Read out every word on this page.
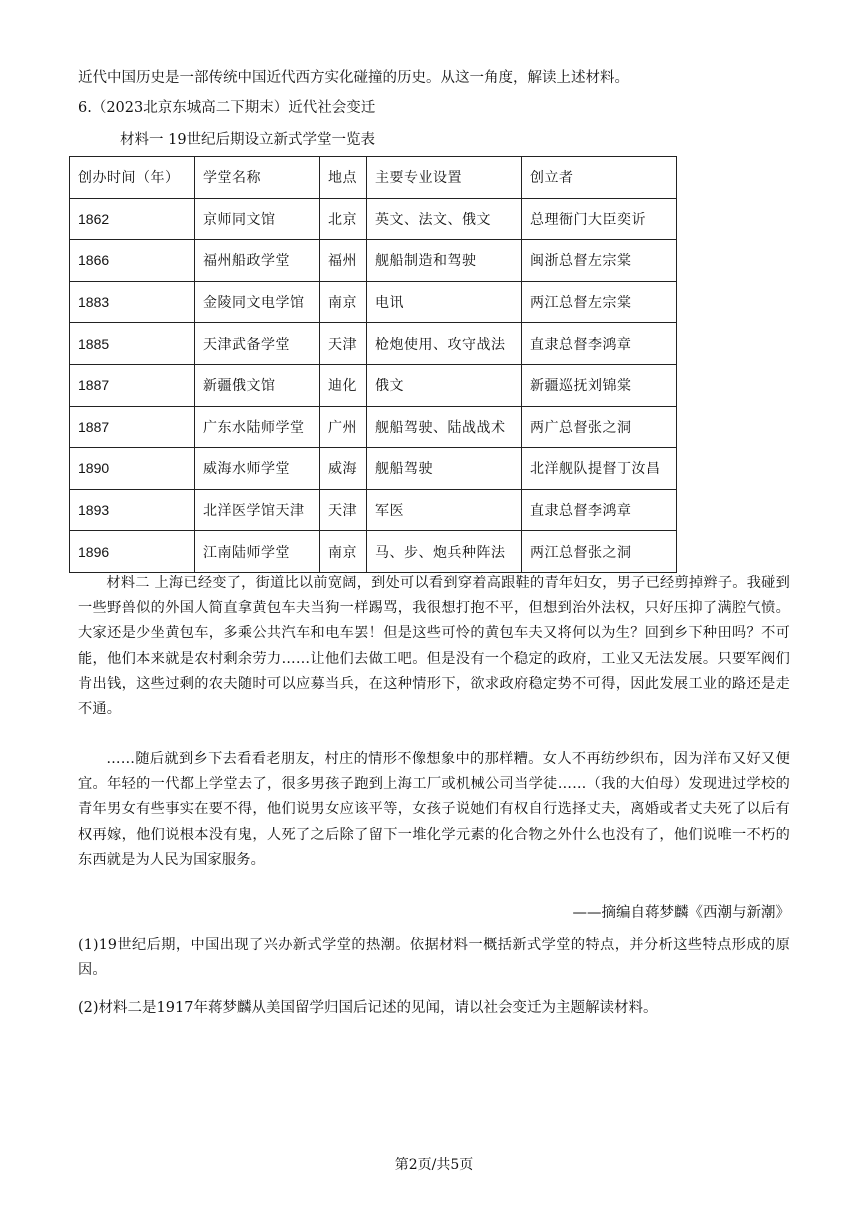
近代中国历史是一部传统中国近代西方实化碰撞的历史。从这一角度，解读上述材料。
6.（2023北京东城高二下期末）近代社会变迁
材料一 19世纪后期设立新式学堂一览表
创办时间（年）	学堂名称	地点	主要专业设置	创立者
1862	京师同文馆	北京	英文、法文、俄文	总理衙门大臣奕䜣
1866	福州船政学堂	福州	舰船制造和驾驶	闽浙总督左宗棠
1883	金陵同文电学馆	南京	电讯	两江总督左宗棠
1885	天津武备学堂	天津	枪炮使用、攻守战法	直隶总督李鸿章
1887	新疆俄文馆	迪化	俄文	新疆巡抚刘锦棠
1887	广东水陆师学堂	广州	舰船驾驶、陆战战术	两广总督张之洞
1890	威海水师学堂	威海	舰船驾驶	北洋舰队提督丁汝昌
1893	北洋医学馆天津	天津	军医	直隶总督李鸿章
1896	江南陆师学堂	南京	马、步、炮兵种阵法	两江总督张之洞
材料二 上海已经变了，街道比以前宽阔，到处可以看到穿着高跟鞋的青年妇女，男子已经剪掉辫子。我碰到一些野兽似的外国人简直拿黄包车夫当狗一样踢骂，我很想打抱不平，但想到治外法权，只好压抑了满腔气愤。大家还是少坐黄包车，多乘公共汽车和电车罢！但是这些可怜的黄包车夫又将何以为生？回到乡下种田吗？不可能，他们本来就是农村剩余劳力……让他们去做工吧。但是没有一个稳定的政府，工业又无法发展。只要军阀们肯出钱，这些过剩的农夫随时可以应募当兵，在这种情形下，欲求政府稳定势不可得，因此发展工业的路还是走不通。
……随后就到乡下去看看老朋友，村庄的情形不像想象中的那样糟。女人不再纺纱织布，因为洋布又好又便宜。年轻的一代都上学堂去了，很多男孩子跑到上海工厂或机械公司当学徒……（我的大伯母）发现进过学校的青年男女有些事实在要不得，他们说男女应该平等，女孩子说她们有权自行选择丈夫，离婚或者丈夫死了以后有权再嫁，他们说根本没有鬼，人死了之后除了留下一堆化学元素的化合物之外什么也没有了，他们说唯一不朽的东西就是为人民为国家服务。
——摘编自蒋梦麟《西潮与新潮》
(1)19世纪后期，中国出现了兴办新式学堂的热潮。依据材料一概括新式学堂的特点，并分析这些特点形成的原因。
(2)材料二是1917年蒋梦麟从美国留学归国后记述的见闻，请以社会变迁为主题解读材料。
第2页/共5页
